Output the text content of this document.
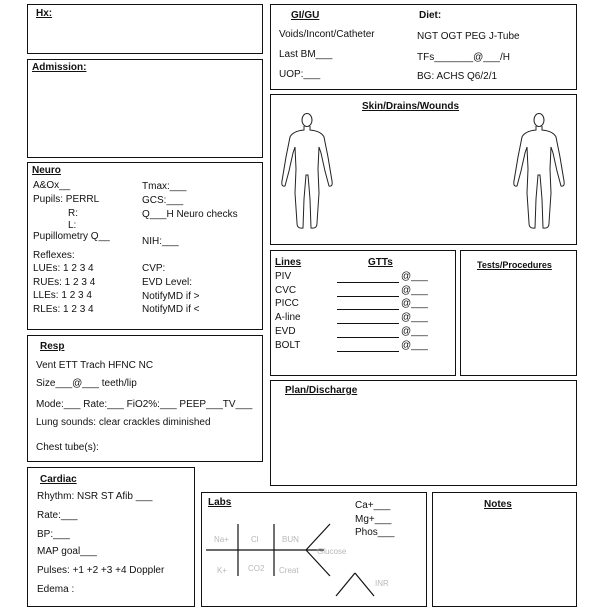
Hx:
Admission:
Neuro
A&Ox__
Pupils: PERRL
R:
L:
Pupillometry Q__
Reflexes:
LUEs: 1 2 3 4
RUEs: 1 2 3 4
LLEs: 1 2 3 4
RLEs: 1 2 3 4
Tmax:___
GCS:___
Q___H Neuro checks
NIH:___
CVP:
EVD Level:
NotifyMD if >
NotifyMD if <
Resp
Vent ETT Trach HFNC NC
Size___@___ teeth/lip
Mode:___ Rate:___ FiO2%:___ PEEP___TV___
Lung sounds: clear crackles diminished
Chest tube(s):
Cardiac
Rhythm: NSR ST Afib ___
Rate:___
BP:___
MAP goal___
Pulses: +1 +2 +3 +4 Doppler
Edema :
GI/GU
Voids/Incont/Catheter
Last BM___
UOP:___
Diet:
NGT OGT PEG J-Tube
TFs_______@___/H
BG: ACHS Q6/2/1
Skin/Drains/Wounds
Lines	GTTs
PIV	@___
CVC	@___
PICC	@___
A-line	@___
EVD	@___
BOLT	@___
Tests/Procedures
Plan/Discharge
Labs
Na+	Cl	BUN
Glucose
K+	CO2 Creat
INR
Ca+___
Mg+___
Phos___
Notes
